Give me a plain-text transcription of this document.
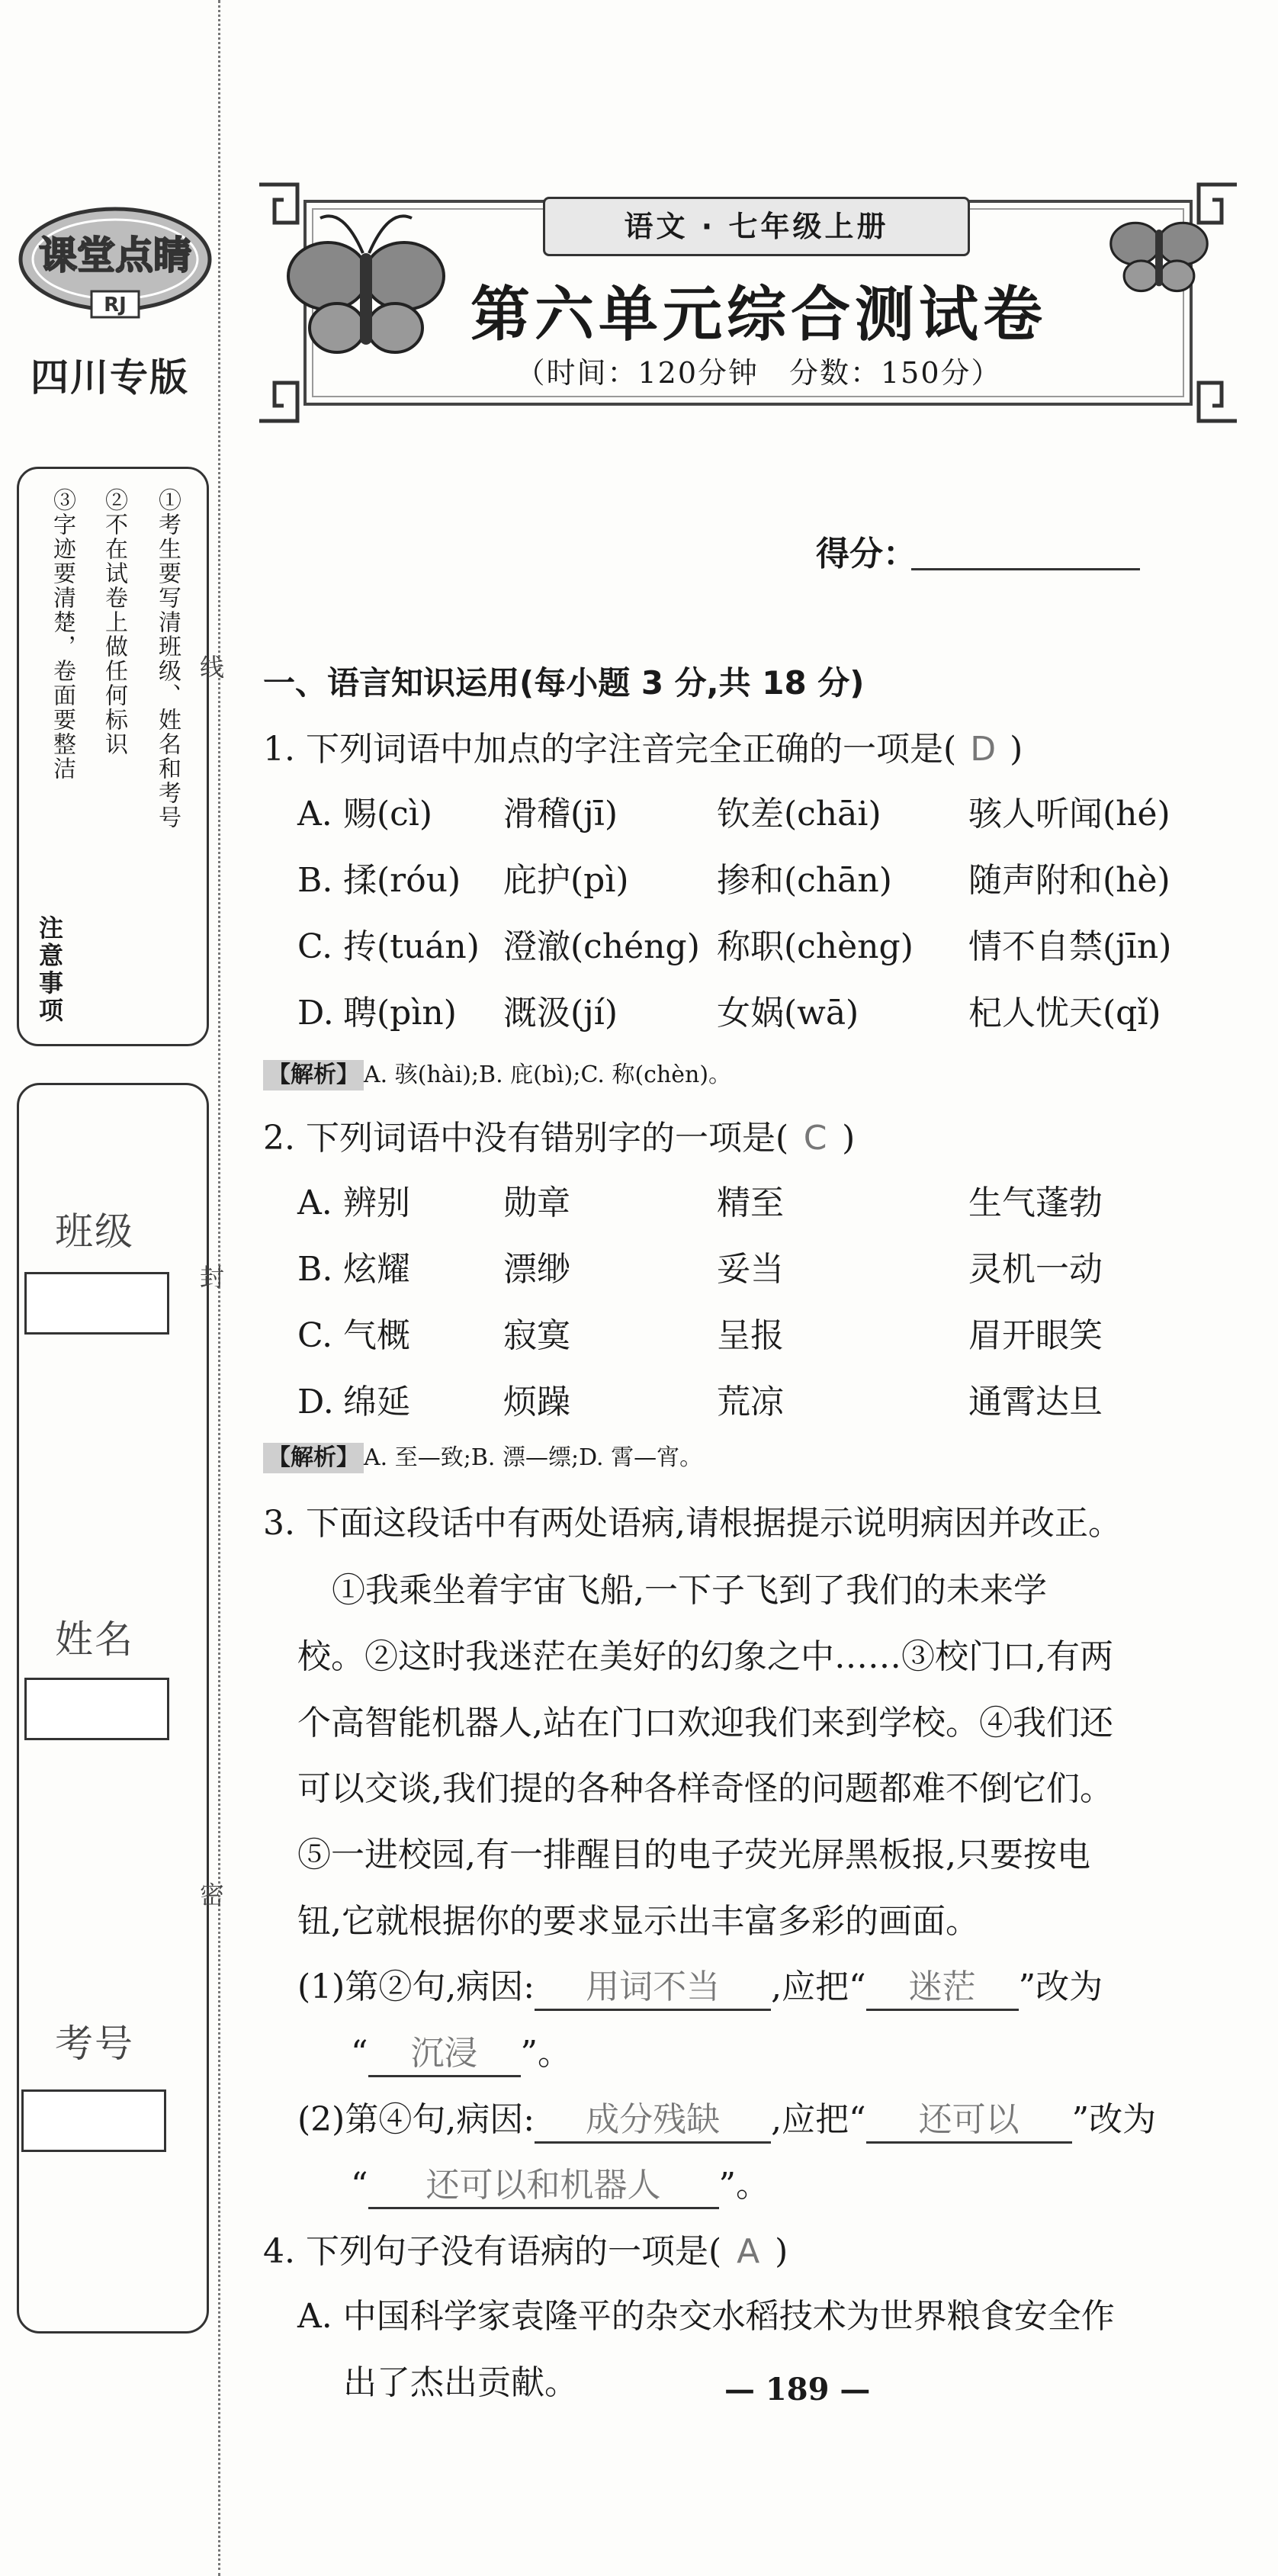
课堂点睛
RJ
四川专版
①考生要写清班级、姓名和考号
②不在试卷上做任何标识
③字迹要清楚，卷面要整洁
注意事项
班级
姓名
考号
线
封
密
语文 · 七年级上册
第六单元综合测试卷
（时间：120分钟　分数：150分）
得分：
一、语言知识运用(每小题 3 分,共 18 分)
1. 下列词语中加点的字注音完全正确的一项是( D )
A. 赐(cì) 滑稽(jī)	钦差(chāi)	骇人听闻(hé)
B. 揉(róu) 庇护(pì)	掺和(chān) 随声附和(hè)
C. 抟(tuán) 澄澈(chéng) 称职(chèng) 情不自禁(jīn)
D. 聘(pìn) 溉汲(jí)	女娲(wā)	杞人忧天(qǐ)
【解析】 A. 骇(hài);B. 庇(bì);C. 称(chèn)。
2. 下列词语中没有错别字的一项是( C )
A. 辨别	勋章	精至	生气蓬勃
B. 炫耀	漂缈	妥当	灵机一动
C. 气概	寂寞	呈报	眉开眼笑
D. 绵延	烦躁	荒凉	通霄达旦
【解析】 A. 至—致;B. 漂—缥;D. 霄—宵。
3. 下面这段话中有两处语病,请根据提示说明病因并改正。
①我乘坐着宇宙飞船,一下子飞到了我们的未来学
校。②这时我迷茫在美好的幻象之中……③校门口,有两
个高智能机器人,站在门口欢迎我们来到学校。④我们还
可以交谈,我们提的各种各样奇怪的问题都难不倒它们。
⑤一进校园,有一排醒目的电子荧光屏黑板报,只要按电
钮,它就根据你的要求显示出丰富多彩的画面。
(1)第②句,病因: 用词不当 ,应把“ 迷茫 ”改为
“ 沉浸 ”。
(2)第④句,病因: 成分残缺 ,应把“ 还可以 ”改为
“ 还可以和机器人 ”。
4. 下列句子没有语病的一项是( A )
A. 中国科学家袁隆平的杂交水稻技术为世界粮食安全作
出了杰出贡献。	— 189 —
